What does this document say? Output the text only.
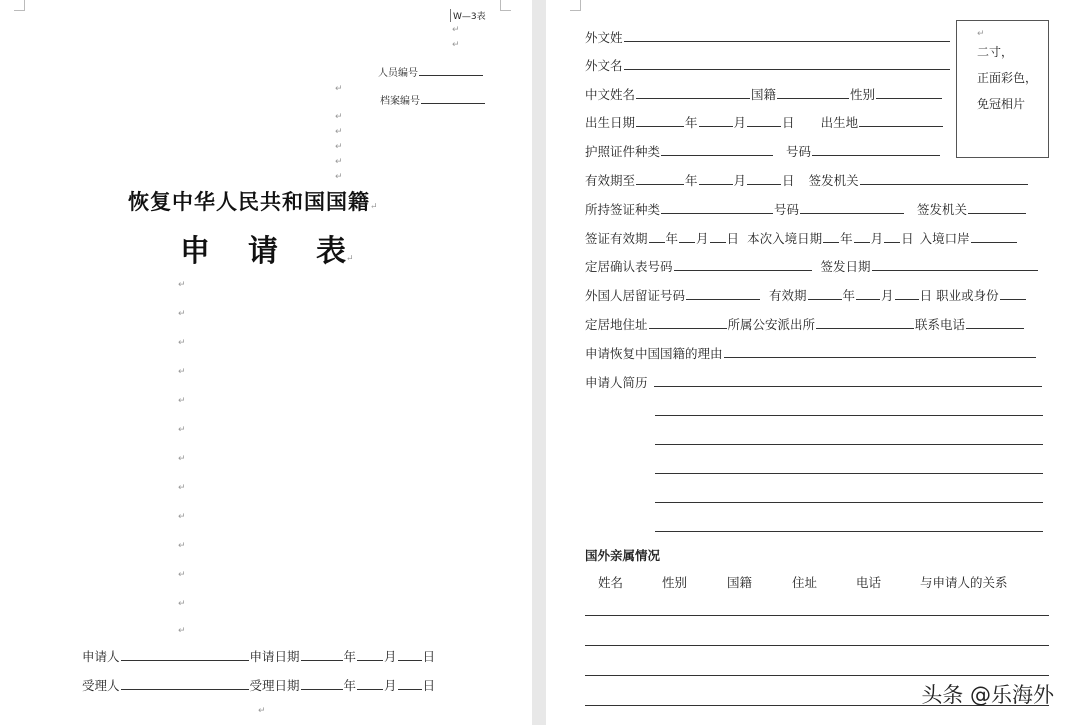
W—3表
人员编号
档案编号
↵
↵
↵
↵
↵
↵
↵
↵
恢复中华人民共和国国籍↵
申 请 表↵
↵
↵
↵
↵
↵
↵
↵
↵
↵
↵
↵
↵
↵
申请人	申请日期	年 月 日
受理人	受理日期	年 月 日
↵
外文姓
外文名
中文姓名	国籍	性别
出生日期	年	月	日 出生地
护照证件种类	号码
↵
二寸，
正面彩色，
免冠相片
有效期至	年	月	日 签发机关
所持签证种类	号码	签发机关
签证有效期 年 月 日 本次入境日期 年 月 日 入境口岸
定居确认表号码	签发日期
外国人居留证号码	有效期	年 月 日 职业或身份
定居地住址	所属公安派出所	联系电话
申请恢复中国国籍的理由
申请人简历
国外亲属情况
姓名	性别	国籍	住址	电话	与申请人的关系
头条 @乐海外
